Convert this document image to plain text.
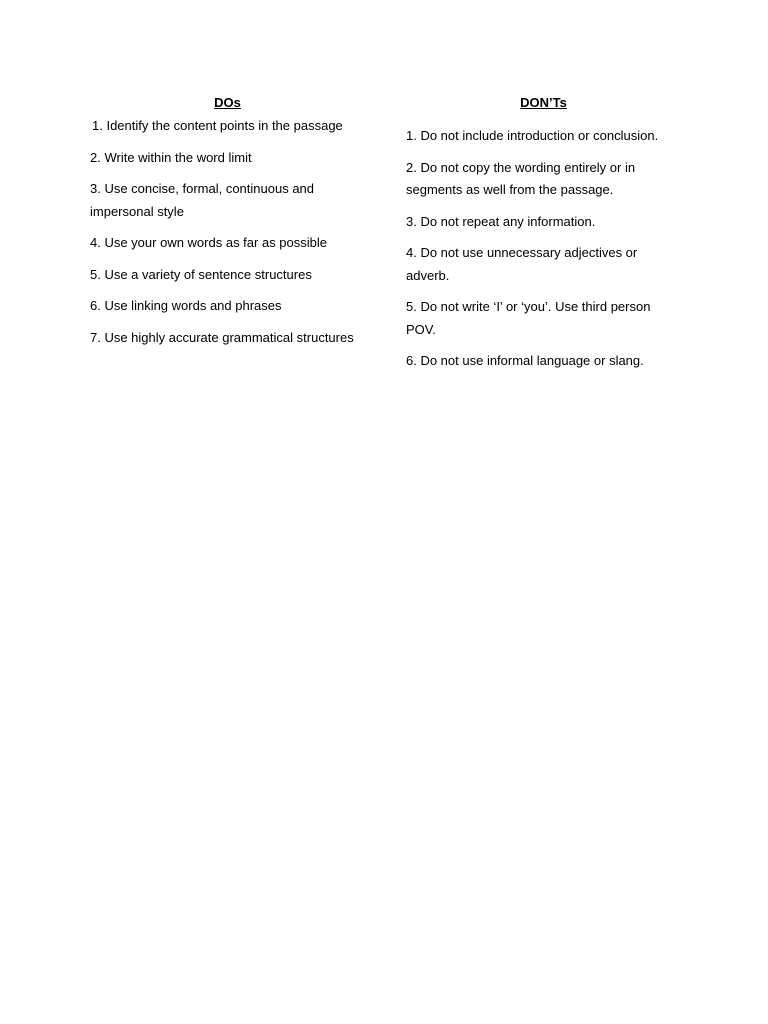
DOs
1. Identify the content points in the passage
2. Write within the word limit
3. Use concise, formal, continuous and impersonal style
4. Use your own words as far as possible
5. Use a variety of sentence structures
6. Use linking words and phrases
7. Use highly accurate grammatical structures
DON’Ts
1. Do not include introduction or conclusion.
2. Do not copy the wording entirely or in segments as well from the passage.
3. Do not repeat any information.
4. Do not use unnecessary adjectives or adverb.
5. Do not write ‘I’ or ‘you’. Use third person POV.
6. Do not use informal language or slang.
